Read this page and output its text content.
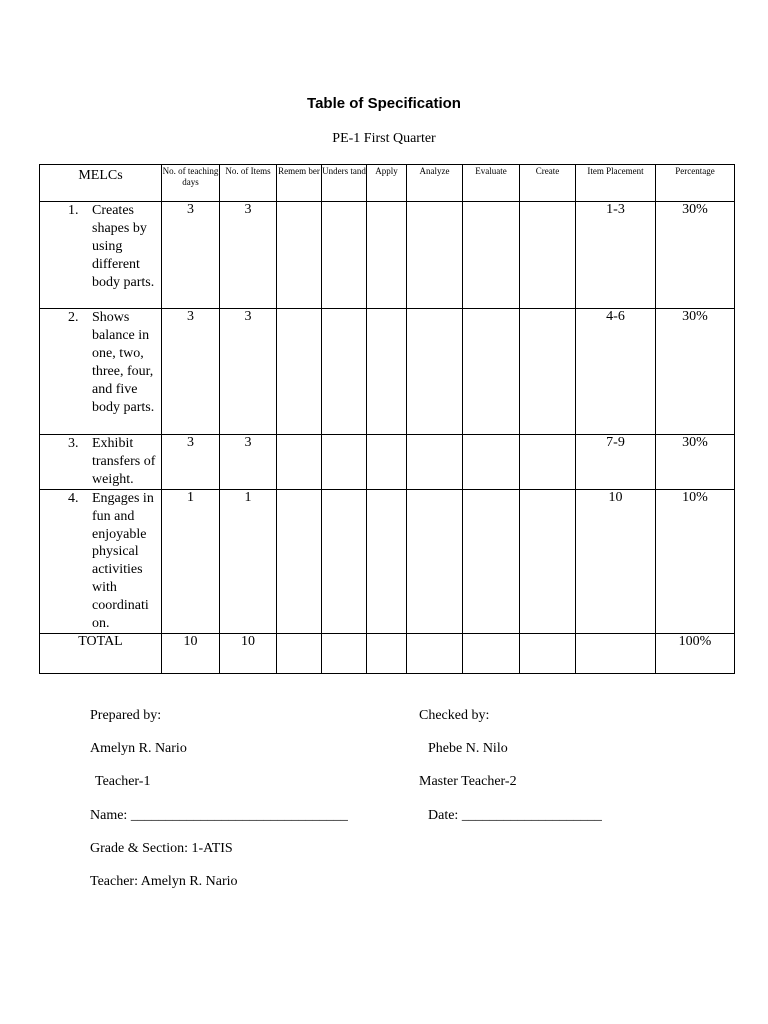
Table of Specification
PE-1 First Quarter
MELCs	No. of teaching days	No. of Items	Remem ber	Unders tand	Apply	Analyze	Evaluate	Create	Item Placement	Percentage

1. Creates shapes by using different body parts.	3	3							1-3	30%

2. Shows balance in one, two, three, four, and five body parts.	3	3							4-6	30%

3. Exhibit transfers of weight.	3	3							7-9	30%

4. Engages in fun and enjoyable physical activities with coordinati on.	1	1							10	10%
TOTAL	10	10								100%
Prepared by:	Checked by:
Amelyn R. Nario	Phebe N. Nilo
Teacher-1	Master Teacher-2
Name: _______________________________	Date: ____________________
Grade & Section: 1-ATIS
Teacher: Amelyn R. Nario
